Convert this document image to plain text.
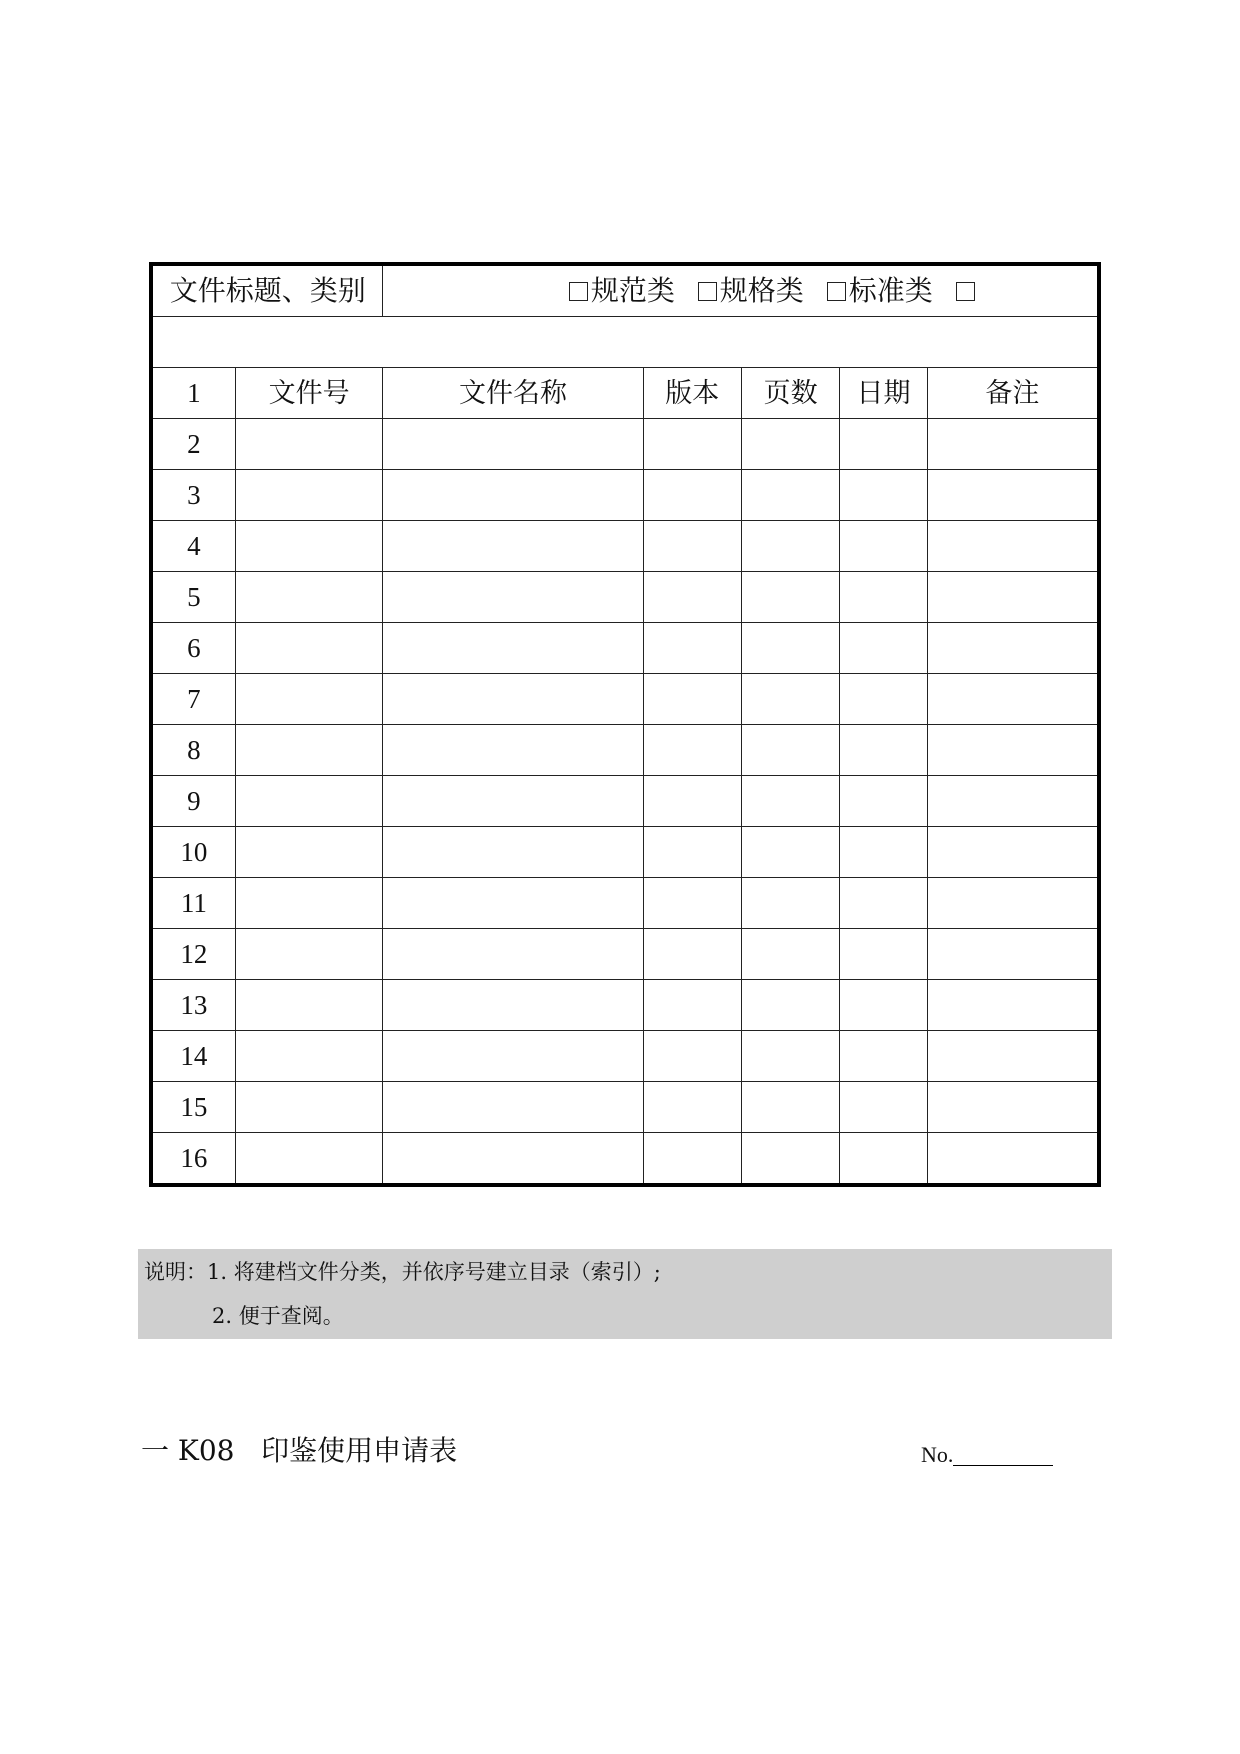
文件标题、类别		规范类 规格类 标准类				

1	文件号	文件名称	版本	页数	日期	备注
2						
3						
4						
5						
6						
7						
8						
9						
10						
11						
12						
13						
14						
15						
16						
说明：1. 将建档文件分类，并依序号建立目录（索引）;
2. 便于查阅。
一 K08 印鉴使用申请表	No.
